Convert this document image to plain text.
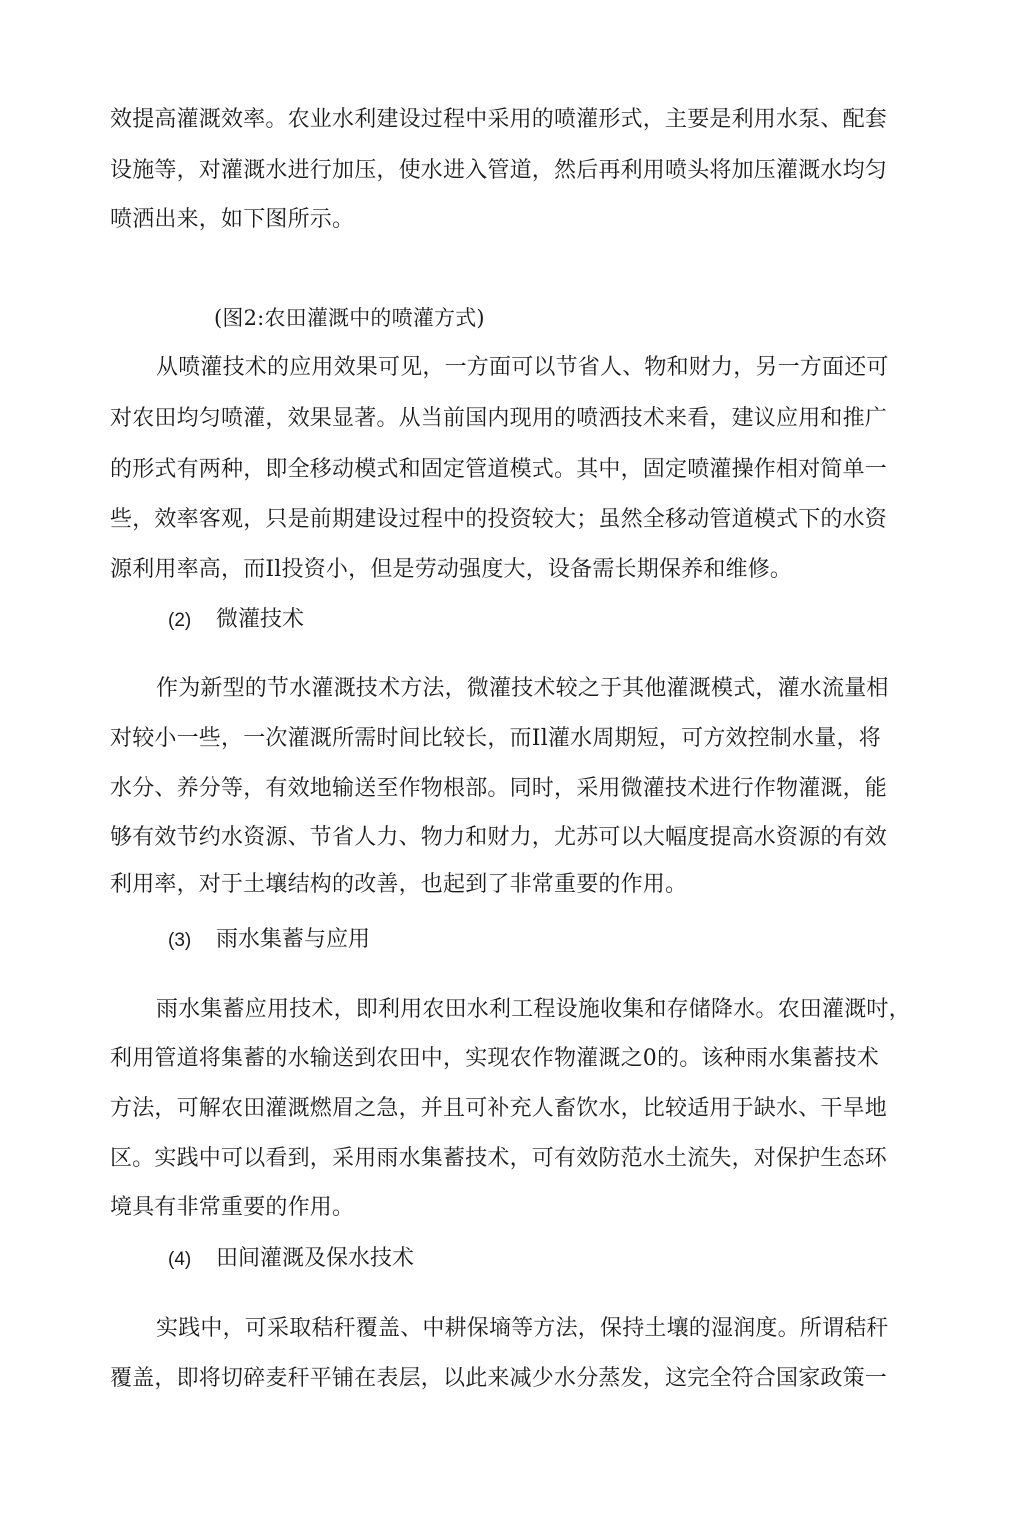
效提高灌溉效率。农业水利建设过程中采用的喷灌形式，主要是利用水泵、配套
设施等，对灌溉水进行加压，使水进入管道，然后再利用喷头将加压灌溉水均匀
喷洒出来，如下图所示。
(图2:农田灌溉中的喷灌方式)
从喷灌技术的应用效果可见，一方面可以节省人、物和财力，另一方面还可
对农田均匀喷灌，效果显著。从当前国内现用的喷洒技术来看，建议应用和推广
的形式有两种，即全移动模式和固定管道模式。其中，固定喷灌操作相对简单一
些，效率客观，只是前期建设过程中的投资较大；虽然全移动管道模式下的水资
源利用率高，而Il投资小，但是劳动强度大，设备需长期保养和维修。
(2) 微灌技术
作为新型的节水灌溉技术方法，微灌技术较之于其他灌溉模式，灌水流量相
对较小一些，一次灌溉所需时间比较长，而Il灌水周期短，可方效控制水量，将
水分、养分等，有效地输送至作物根部。同时，采用微灌技术进行作物灌溉，能
够有效节约水资源、节省人力、物力和财力，尤苏可以大幅度提高水资源的有效
利用率，对于土壤结构的改善，也起到了非常重要的作用。
(3) 雨水集蓄与应用
雨水集蓄应用技术，即利用农田水利工程设施收集和存储降水。农田灌溉吋，
利用管道将集蓄的水输送到农田中，实现农作物灌溉之0的。该种雨水集蓄技术
方法，可解农田灌溉燃眉之急，并且可补充人畜饮水，比较适用于缺水、干旱地
区。实践中可以看到，采用雨水集蓄技术，可有效防范水土流失，对保护生态环
境具有非常重要的作用。
(4) 田间灌溉及保水技术
实践中，可采取秸秆覆盖、中耕保墒等方法，保持土壤的湿润度。所谓秸秆
覆盖，即将切碎麦秆平铺在表层，以此来减少水分蒸发，这完全符合国家政策一
